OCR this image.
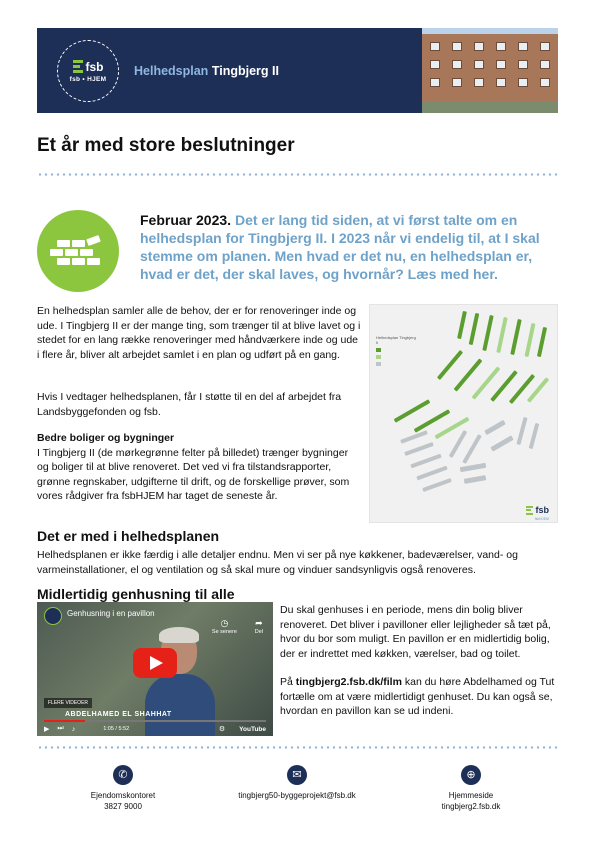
fsb
fsb • HJEM
Helhedsplan Tingbjerg II
Et år med store beslutninger

Februar 2023. Det er lang tid siden, at vi først talte om en helhedsplan for Tingbjerg II. I 2023 når vi endelig til, at I skal stemme om planen. Men hvad er det nu, en helhedsplan er, hvad er det, der skal laves, og hvornår? Læs med her.

En helhedsplan samler alle de behov, der er for renoveringer inde og ude. I Tingbjerg II er der mange ting, som trænger til at blive lavet og i stedet for en lang række renoveringer med håndværkere inde og ude i flere år, bliver alt arbejdet samlet i en plan og udført på en gang.

Hvis I vedtager helhedsplanen, får I støtte til en del af arbejdet fra Landsbyggefonden og fsb.

Bedre boliger og bygninger

I Tingbjerg II (de mørkegrønne felter på billedet) trænger bygninger og boliger til at blive renoveret. Det ved vi fra tilstandsrapporter, grønne regnskaber, udgifterne til drift, og de forskellige prøver, som vores rådgiver fra fsbHJEM har taget de seneste år.

Helhedsplan Tingbjerg II
fsb
fsbHJEM
Det er med i helhedsplanen

Helhedsplanen er ikke færdig i alle detaljer endnu. Men vi ser på nye køkkener, badeværelser, vand- og varmeinstallationer, el og ventilation og så skal mure og vinduer sandsynligvis også renoveres.

Midlertidig genhusning til alle
Genhusning i en pavillon
◷
Se senere
➦
Del
FLERE VIDEOER
ABDELHAMED EL SHAHHAT
▶ ⏭ ♪	1:05 / 5:52	⚙ YouTube

Du skal genhuses i en periode, mens din bolig bliver renoveret. Det bliver i pavilloner eller lejligheder så tæt på, hvor du bor som muligt. En pavillon er en midlertidig bolig, der er indrettet med køkken, værelser, bad og toilet.

På tingbjerg2.fsb.dk/film kan du høre Abdelhamed og Tut fortælle om at være midlertidigt genhuset. Du kan også se, hvordan en pavillon kan se ud indeni.

✆
Ejendomskontoret
3827 9000
✉
tingbjerg50-byggeprojekt@fsb.dk
⊕
Hjemmeside
tingbjerg2.fsb.dk
